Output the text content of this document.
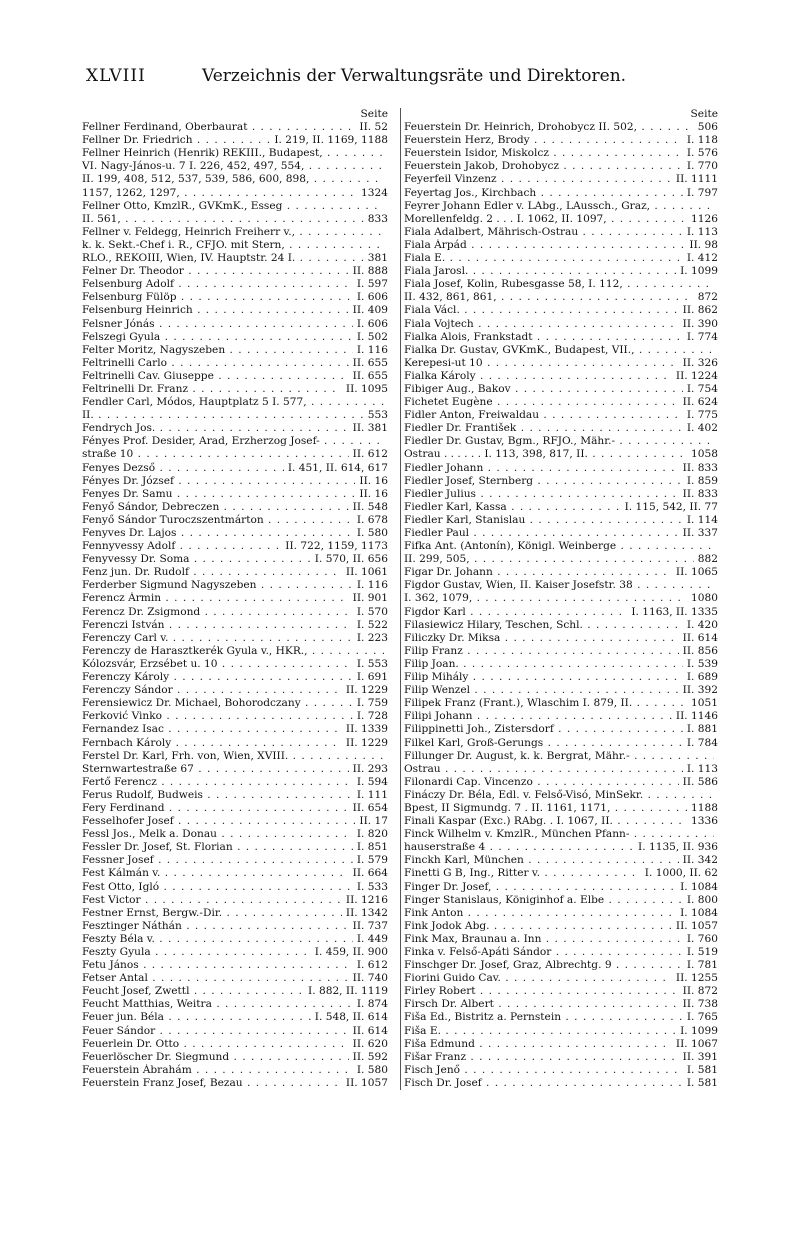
XLVIII	Verzeichnis der Verwaltungsräte und Direktoren.
Seite
Fellner Ferdinand, Oberbaurat . . .	II. 52
Fellner Dr. Friedrich . . .	I. 219, II. 1169, 1188
Fellner Heinrich (Henrik) REKIII., Budapest, . . .
VI. Nagy-János-u. 7 I. 226, 452, 497, 554, . . .
II. 199, 408, 512, 537, 539, 586, 600, 898, . . .
1157, 1262, 1297, . . .	1324
Fellner Otto, KmzlR., GVKmK., Esseg . . .
II. 561, . . .	833
Fellner v. Feldegg, Heinrich Freiherr v., . . .
k. k. Sekt.-Chef i. R., CFJO. mit Stern, . . .
RLO., REKOIII, Wien, IV. Hauptstr. 24 I. . . .	381
Felner Dr. Theodor . . .	II. 888
Felsenburg Adolf . . .	I. 597
Felsenburg Fülöp . . .	I. 606
Felsenburg Heinrich . . .	II. 409
Felsner Jónás . . .	I. 606
Felszegi Gyula . . .	I. 502
Felter Moritz, Nagyszeben . . .	I. 116
Feltrinelli Carlo . . .	II. 655
Feltrinelli Cav. Giuseppe . . .	II. 655
Feltrinelli Dr. Franz . . .	II. 1095
Fendler Carl, Módos, Hauptplatz 5 I. 577, . . .
II. . . .	553
Fendrych Jos. . . .	II. 381
Fényes Prof. Desider, Arad, Erzherzog Josef- . . .
straße 10 . . .	II. 612
Fenyes Dezső . . .	I. 451, II. 614, 617
Fényes Dr. József . . .	II. 16
Fenyes Dr. Samu . . .	II. 16
Fenyő Sándor, Debreczen . . .	II. 548
Fenyő Sándor Turoczszentmárton . . .	I. 678
Fenyves Dr. Lajos . . .	I. 580
Fennyvessy Adolf . . .	II. 722, 1159, 1173
Fenyvessy Dr. Soma . . .	I. 570, II. 656
Fenz jun. Dr. Rudolf . . .	II. 1061
Ferderber Sigmund Nagyszeben . . .	I. 116
Ferencz Ármin . . .	II. 901
Ferencz Dr. Zsigmond . . .	I. 570
Ferenczi István . . .	I. 522
Ferenczy Carl v. . . .	I. 223
Ferenczy de Harasztkerék Gyula v., HKR., . . .
Kólozsvár, Erzsébet u. 10 . . .	I. 553
Ferenczy Károly . . .	I. 691
Ferenczy Sándor . . .	II. 1229
Ferensiewicz Dr. Michael, Bohorodczany . . .	I. 759
Ferković Vinko . . .	I. 728
Fernandez Isac . . .	II. 1339
Fernbach Károly . . .	II. 1229
Ferstel Dr. Karl, Frh. von, Wien, XVIII. . . .
Sternwartestraße 67 . . .	II. 293
Fertő Ferencz . . .	I. 594
Ferus Rudolf, Budweis . . .	I. 111
Fery Ferdinand . . .	II. 654
Fesselhofer Josef . . .	II. 17
Fessl Jos., Melk a. Donau . . .	I. 820
Fessler Dr. Josef, St. Florian . . .	I. 851
Fessner Josef . . .	I. 579
Fest Kálmán v. . . .	II. 664
Fest Otto, Igló . . .	I. 533
Fest Victor . . .	II. 1216
Festner Ernst, Bergw.-Dir. . . .	II. 1342
Fesztinger Náthán . . .	II. 737
Feszty Béla v. . . .	I. 449
Feszty Gyula . . .	I. 459, II. 900
Fetu János . . .	I. 612
Fetser Antal . . .	II. 740
Feucht Josef, Zwettl . . .	I. 882, II. 1119
Feucht Matthias, Weitra . . .	I. 874
Feuer jun. Béla . . .	I. 548, II. 614
Feuer Sándor . . .	II. 614
Feuerlein Dr. Otto . . .	II. 620
Feuerlöscher Dr. Siegmund . . .	II. 592
Feuerstein Ábrahám . . .	I. 580
Feuerstein Franz Josef, Bezau . . .	II. 1057
Seite
Feuerstein Dr. Heinrich, Drohobycz II. 502, . . .	506
Feuerstein Herz, Brody . . .	I. 118
Feuerstein Isidor, Miskolcz . . .	I. 576
Feuerstein Jakob, Drohobycz . . .	I. 770
Feyerfeil Vinzenz . . .	II. 1111
Feyertag Jos., Kirchbach . . .	I. 797
Feyrer Johann Edler v. LAbg., LAussch., Graz, . . .
Morellenfeldg. 2 . . . I. 1062, II. 1097, . . .	1126
Fiala Adalbert, Mährisch-Ostrau . . .	I. 113
Fiala Árpád . . .	II. 98
Fiala E. . . .	I. 412
Fiala Jarosl. . . .	I. 1099
Fiala Josef, Kolin, Rubesgasse 58, I. 112, . . .
II. 432, 861, 861, . . .	872
Fiala Václ. . . .	II. 862
Fiala Vojtech . . .	II. 390
Fialka Alois, Frankstadt . . .	I. 774
Fialka Dr. Gustav, GVKmK., Budapest, VII., . . .
Kerepesi-ut 10 . . .	II. 326
Fialka Károly . . .	II. 1224
Fibiger Aug., Bakov . . .	I. 754
Fichetet Eugène . . .	II. 624
Fidler Anton, Freiwaldau . . .	I. 775
Fiedler Dr. František . . .	I. 402
Fiedler Dr. Gustav, Bgm., RFJO., Mähr.- . . .
Ostrau . . . . . . I. 113, 398, 817, II. . . .	1058
Fiedler Johann . . .	II. 833
Fiedler Josef, Sternberg . . .	I. 859
Fiedler Julius . . .	II. 833
Fiedler Karl, Kassa . . .	I. 115, 542, II. 77
Fiedler Karl, Stanislau . . .	I. 114
Fiedler Paul . . .	II. 337
Fifka Ant. (Antonín), Königl. Weinberge . . .
II. 299, 505, . . .	882
Figar Dr. Johann . . .	II. 1065
Figdor Gustav, Wien, II. Kaiser Josefstr. 38 . . .
I. 362, 1079, . . .	1080
Figdor Karl . . .	I. 1163, II. 1335
Filasiewicz Hilary, Teschen, Schl. . . .	I. 420
Filiczky Dr. Miksa . . .	II. 614
Filip Franz . . .	II. 856
Filip Joan. . . .	I. 539
Filip Mihály . . .	I. 689
Filip Wenzel . . .	II. 392
Filipek Franz (Frant.), Wlaschim I. 879, II. . . .	1051
Filipi Johann . . .	II. 1146
Filippinetti Joh., Zistersdorf . . .	I. 881
Filkel Karl, Groß-Gerungs . . .	I. 784
Fillunger Dr. August, k. k. Bergrat, Mähr.- . . .
Ostrau . . .	I. 113
Filonardi Cap. Vincenzo . . .	II. 586
Fináczy Dr. Béla, Edl. v. Felső-Visó, MinSekr. . . .
Bpest, II Sigmundg. 7 . II. 1161, 1171, . . .	1188
Finali Kaspar (Exc.) RAbg. . I. 1067, II. . . .	1336
Finck Wilhelm v. KmzlR., München Pfann- . . .
hauserstraße 4 . . .	I. 1135, II. 936
Finckh Karl, München . . .	II. 342
Finetti G B, Ing., Ritter v. . . .	I. 1000, II. 62
Finger Dr. Josef, . . .	I. 1084
Finger Stanislaus, Königinhof a. Elbe . . .	I. 800
Fink Anton . . .	I. 1084
Fink Jodok Abg. . . .	II. 1057
Fink Max, Braunau a. Inn . . .	I. 760
Finka v. Felső-Apáti Sándor . . .	I. 519
Finschger Dr. Josef, Graz, Albrechtg. 9 . . .	I. 781
Fiorini Guido Cav. . . .	II. 1255
Firley Robert . . .	II. 872
Firsch Dr. Albert . . .	II. 738
Fiša Ed., Bistritz a. Pernstein . . .	I. 765
Fiša E. . . .	I. 1099
Fiša Edmund . . .	II. 1067
Fišar Franz . . .	II. 391
Fisch Jenő . . .	I. 581
Fisch Dr. Josef . . .	I. 581
